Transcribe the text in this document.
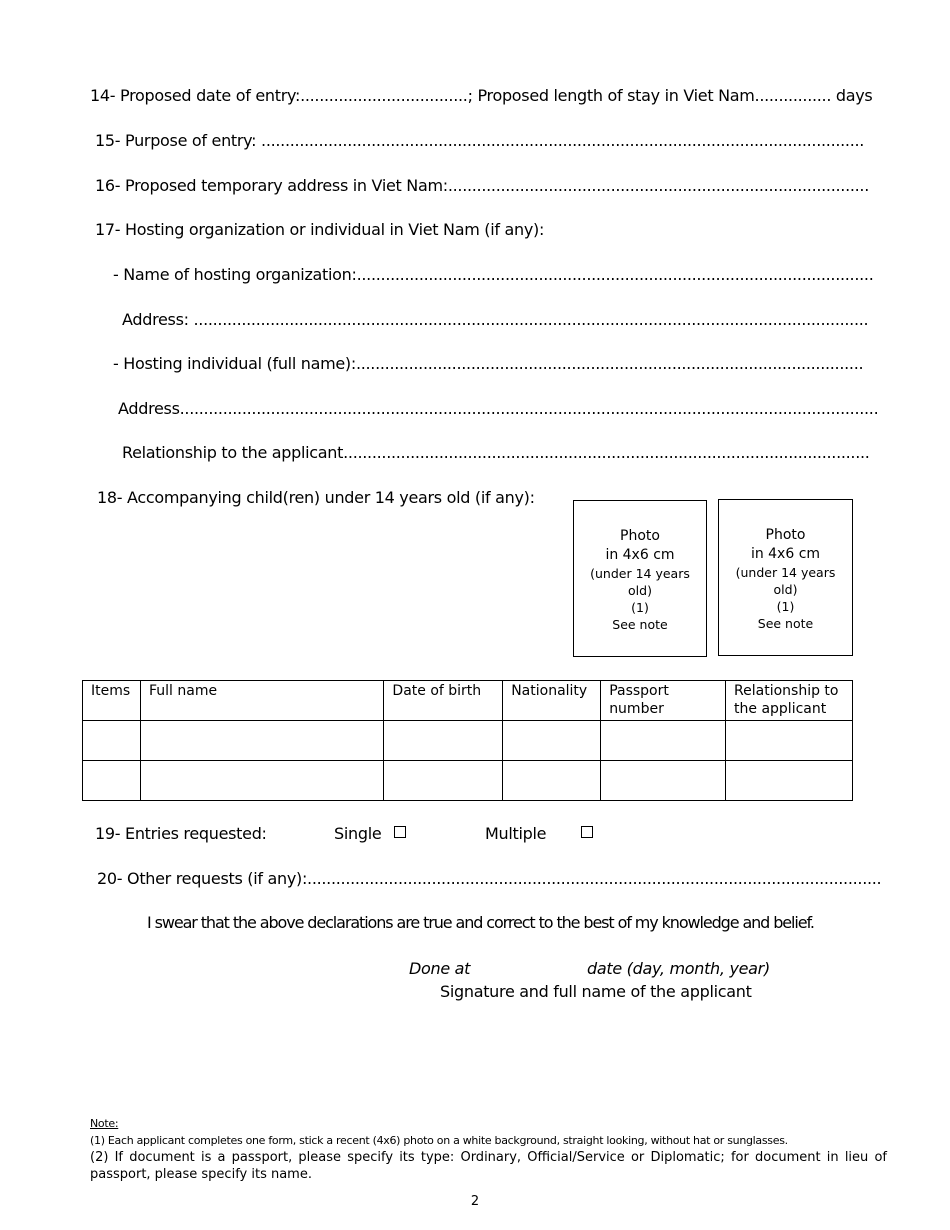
14- Proposed date of entry:...................................; Proposed length of stay in Viet Nam................ days
15- Purpose of entry: ..............................................................................................................................
16- Proposed temporary address in Viet Nam:........................................................................................
17- Hosting organization or individual in Viet Nam (if any):
- Name of hosting organization:............................................................................................................
Address: .............................................................................................................................................
- Hosting individual (full name):..........................................................................................................
Address..................................................................................................................................................
Relationship to the applicant..............................................................................................................
18- Accompanying child(ren) under 14 years old (if any):
Photo
in 4x6 cm
(under 14 years
old)
(1)
See note
Photo
in 4x6 cm
(under 14 years
old)
(1)
See note
Items	Full name	Date of birth	Nationality	Passport number	Relationship to the applicant

19- Entries requested:	Single	Multiple
20- Other requests (if any):........................................................................................................................
I swear that the above declarations are true and correct to the best of my knowledge and belief.
Done at	date (day, month, year)
Signature and full name of the applicant
Note:
(1) Each applicant completes one form, stick a recent (4x6) photo on a white background, straight looking, without hat or sunglasses.
(2) If document is a passport, please specify its type: Ordinary, Official/Service or Diplomatic; for document in lieu of passport, please specify its name.
2
